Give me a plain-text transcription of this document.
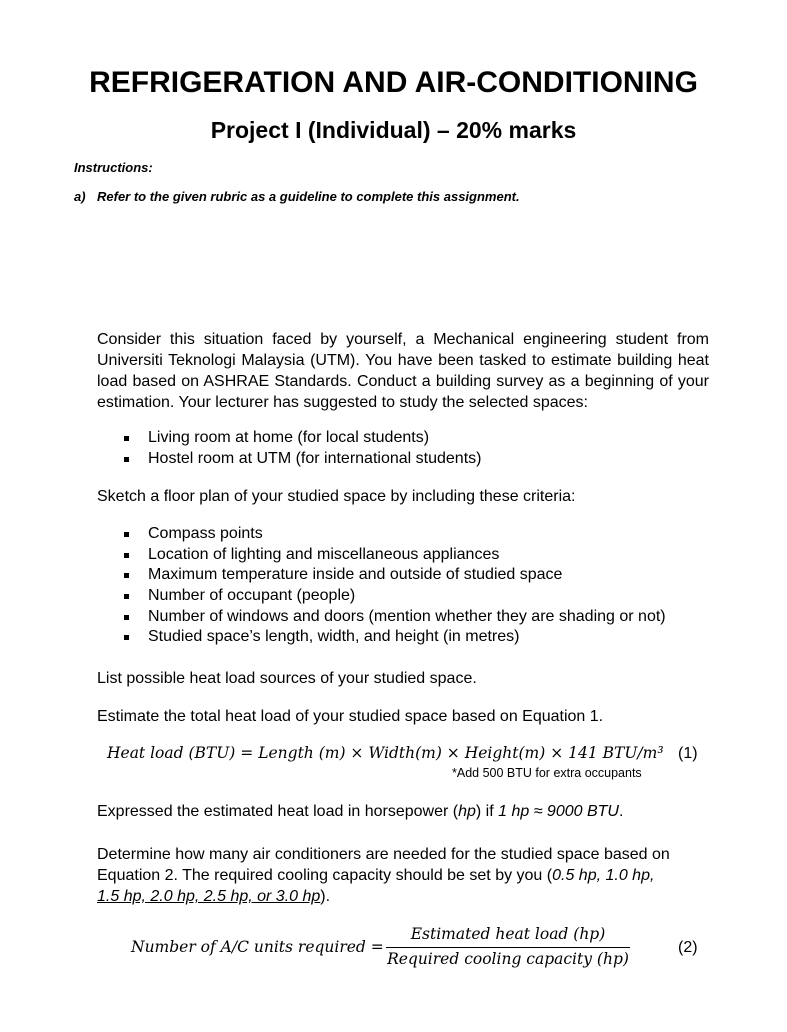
REFRIGERATION AND AIR-CONDITIONING
Project I (Individual) – 20% marks
Instructions:
a) Refer to the given rubric as a guideline to complete this assignment.
Consider this situation faced by yourself, a Mechanical engineering student from Universiti Teknologi Malaysia (UTM). You have been tasked to estimate building heat load based on ASHRAE Standards. Conduct a building survey as a beginning of your estimation. Your lecturer has suggested to study the selected spaces:
Living room at home (for local students)
Hostel room at UTM (for international students)
Sketch a floor plan of your studied space by including these criteria:
Compass points
Location of lighting and miscellaneous appliances
Maximum temperature inside and outside of studied space
Number of occupant (people)
Number of windows and doors (mention whether they are shading or not)
Studied space’s length, width, and height (in metres)
List possible heat load sources of your studied space.
Estimate the total heat load of your studied space based on Equation 1.
Heat load (BTU) = Length (m) × Width(m) × Height(m) × 141 BTU/m³ (1)
*Add 500 BTU for extra occupants
Expressed the estimated heat load in horsepower (hp) if 1 hp ≈ 9000 BTU.
Determine how many air conditioners are needed for the studied space based on
Equation 2. The required cooling capacity should be set by you (0.5 hp, 1.0 hp,
1.5 hp, 2.0 hp, 2.5 hp, or 3.0 hp).
Number of A/C units required =
Estimated heat load (hp)
Required cooling capacity (hp)
(2)
